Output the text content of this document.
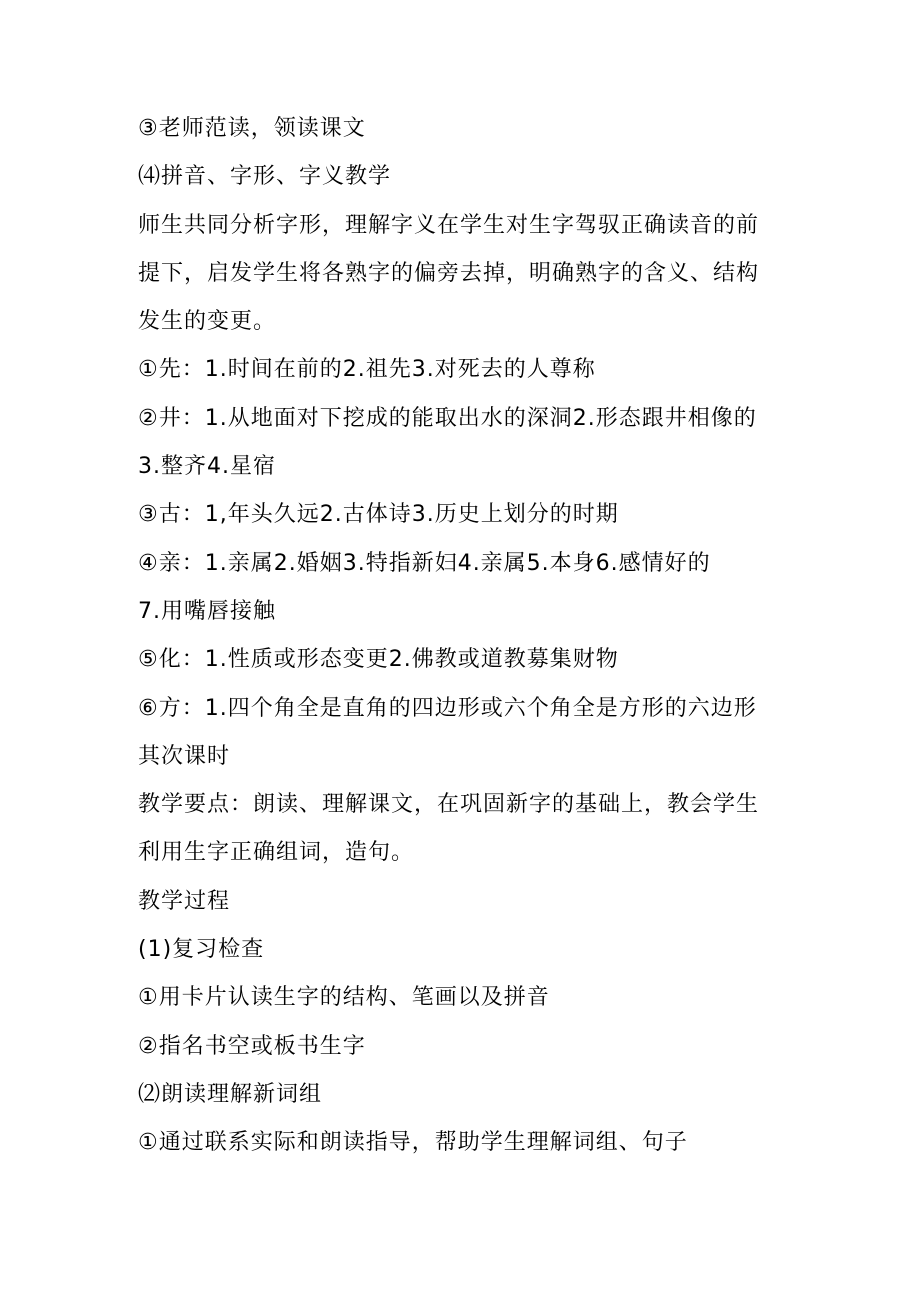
③老师范读，领读课文
⑷拼音、字形、字义教学
师生共同分析字形，理解字义在学生对生字驾驭正确读音的前
提下，启发学生将各熟字的偏旁去掉，明确熟字的含义、结构
发生的变更。
①先：1.时间在前的2.祖先3.对死去的人尊称
②井：1.从地面对下挖成的能取出水的深洞2.形态跟井相像的
3.整齐4.星宿
③古：1,年头久远2.古体诗3.历史上划分的时期
④亲：1.亲属2.婚姻3.特指新妇4.亲属5.本身6.感情好的
7.用嘴唇接触
⑤化：1.性质或形态变更2.佛教或道教募集财物
⑥方：1.四个角全是直角的四边形或六个角全是方形的六边形
其次课时
教学要点：朗读、理解课文，在巩固新字的基础上，教会学生
利用生字正确组词，造句。
教学过程
(1)复习检查
①用卡片认读生字的结构、笔画以及拼音
②指名书空或板书生字
⑵朗读理解新词组
①通过联系实际和朗读指导，帮助学生理解词组、句子
